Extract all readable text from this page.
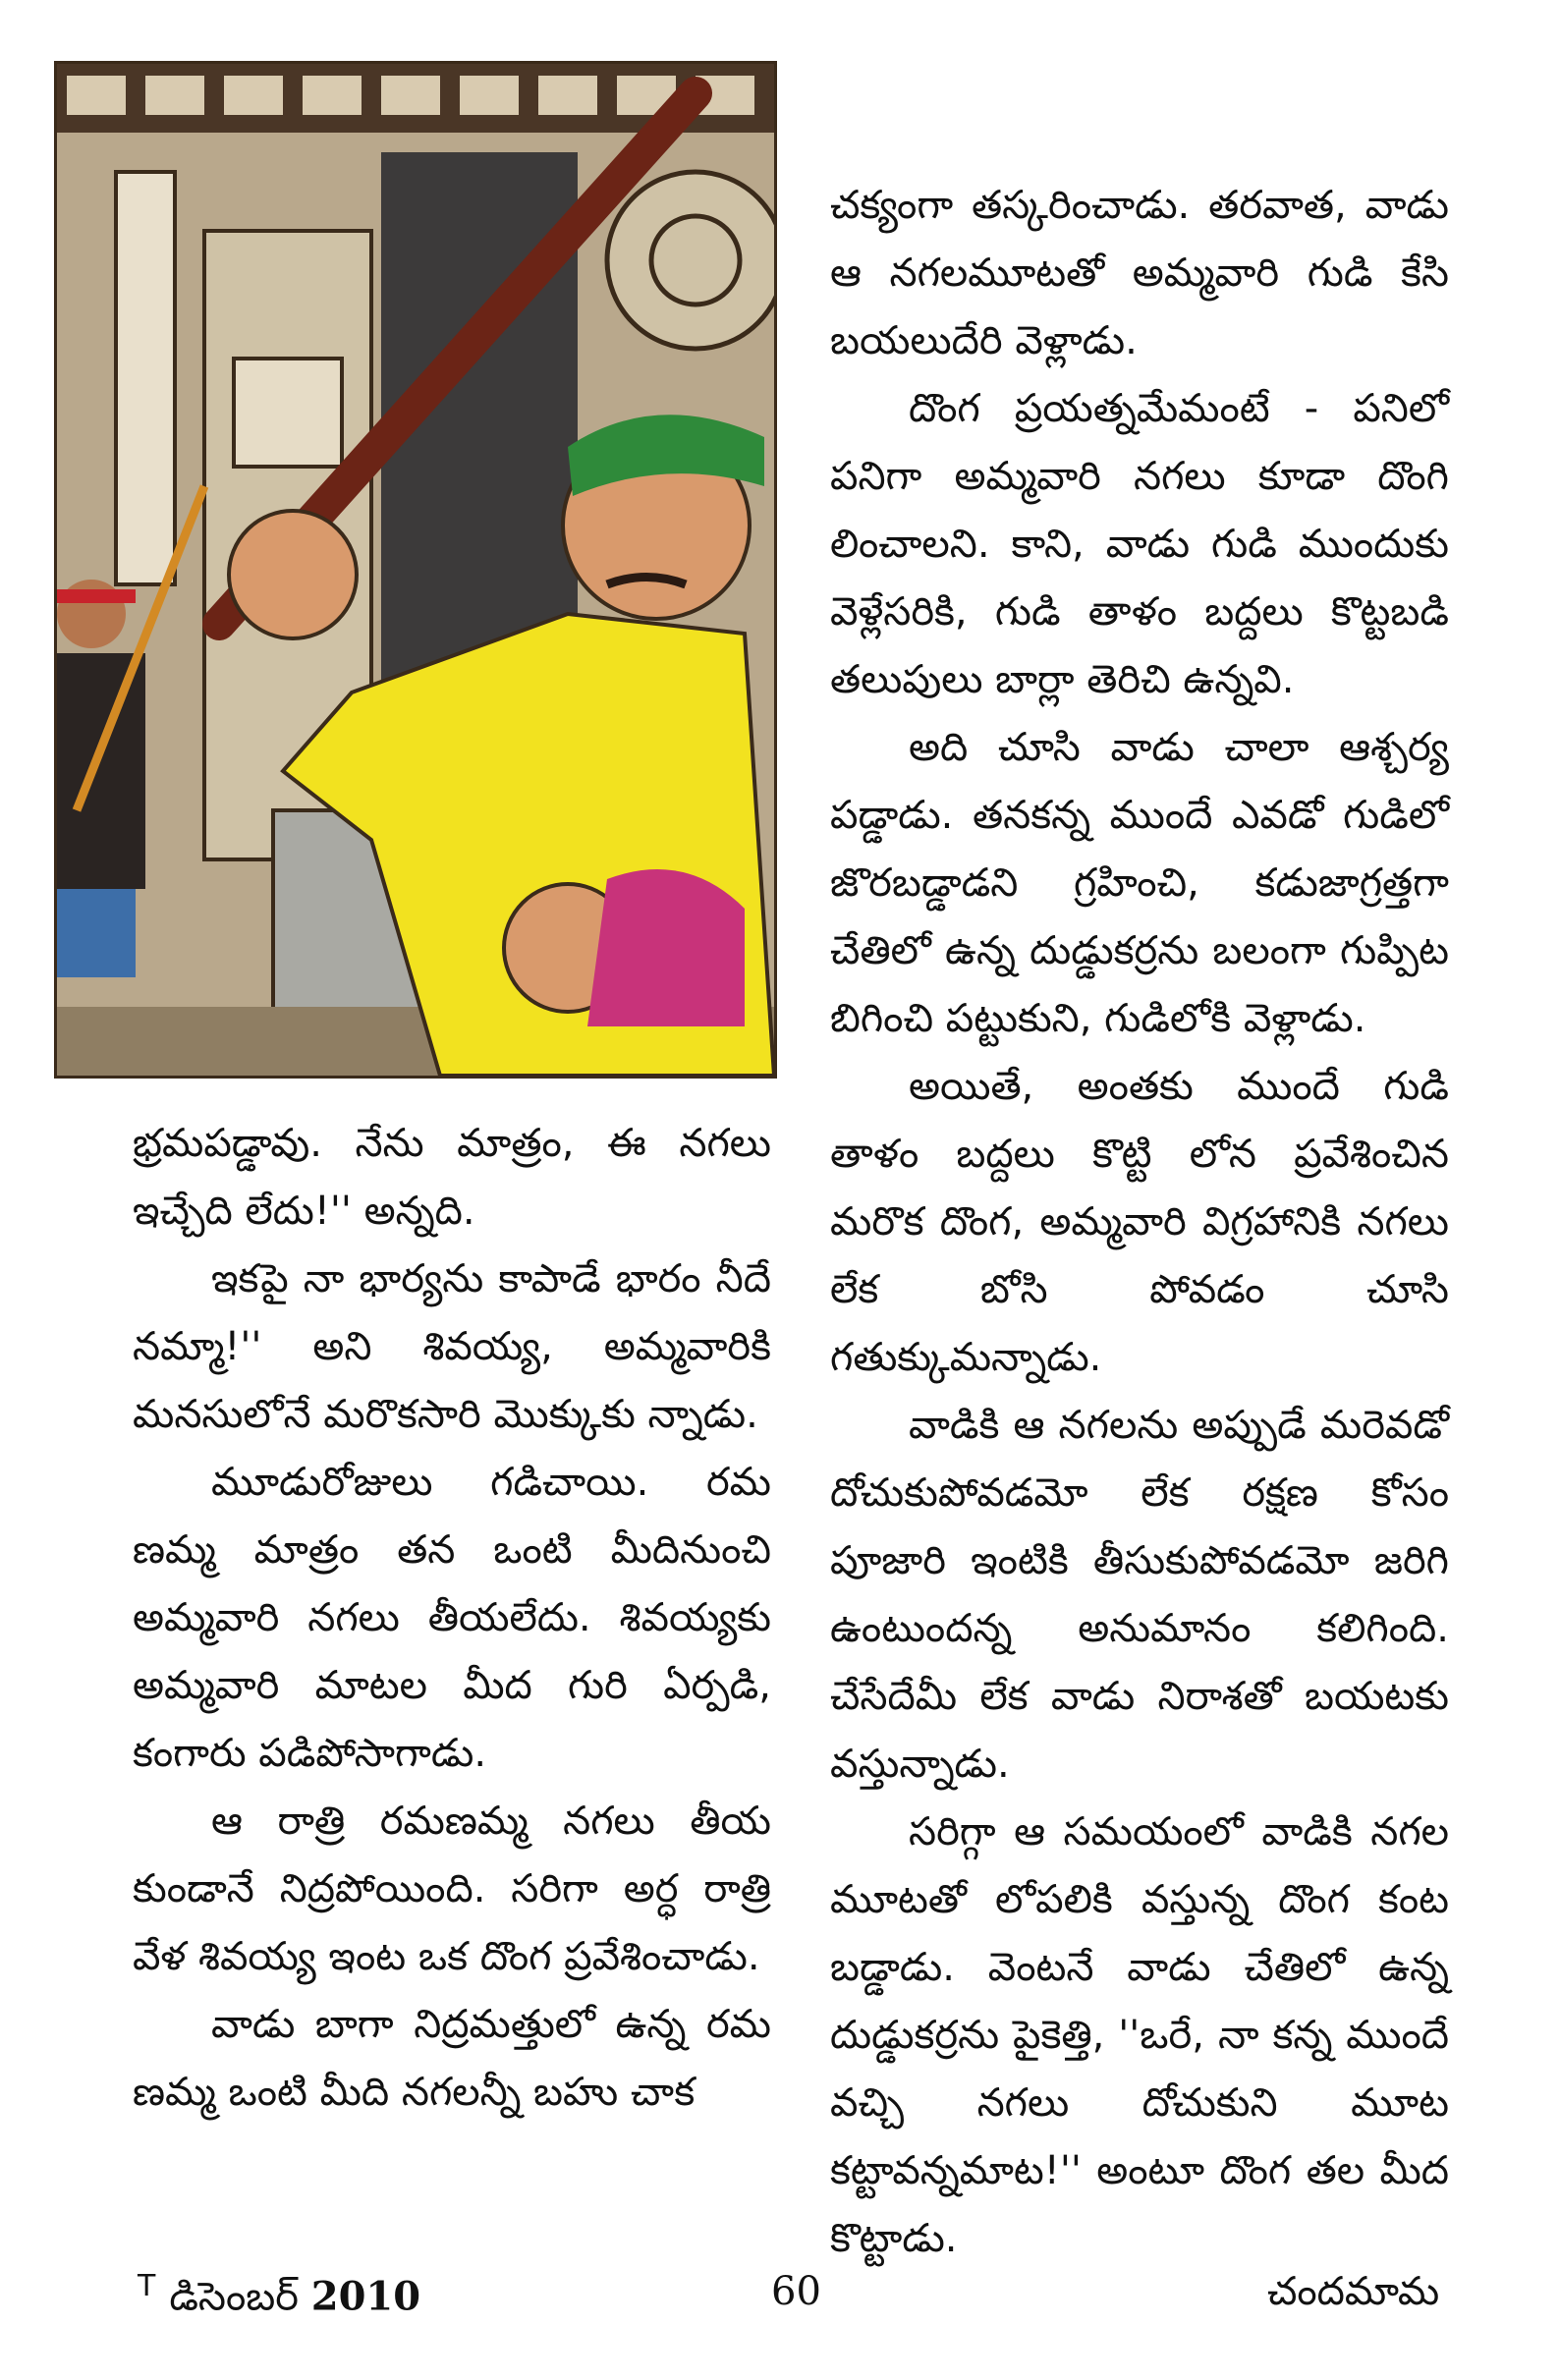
భ్రమపడ్డావు. నేను మాత్రం, ఈ నగలు ఇచ్చేది లేదు!'' అన్నది.

ఇకపై నా భార్యను కాపాడే భారం నీదే నమ్మా!'' అని శివయ్య, అమ్మవారికి మనసులోనే మరొకసారి మొక్కుకు న్నాడు.

మూడురోజులు గడిచాయి. రమ ణమ్మ మాత్రం తన ఒంటి మీదినుంచి అమ్మవారి నగలు తీయలేదు. శివయ్యకు అమ్మవారి మాటల మీద గురి ఏర్పడి, కంగారు పడిపోసాగాడు.

ఆ రాత్రి రమణమ్మ నగలు తీయ కుండానే నిద్రపోయింది. సరిగా అర్ధ రాత్రి వేళ శివయ్య ఇంట ఒక దొంగ ప్రవేశించాడు.

వాడు బాగా నిద్రమత్తులో ఉన్న రమ ణమ్మ ఒంటి మీది నగలన్నీ బహు చాక

చక్యంగా తస్కరించాడు. తరవాత, వాడు ఆ నగలమూటతో అమ్మవారి గుడి కేసి బయలుదేరి వెళ్లాడు.

దొంగ ప్రయత్నమేమంటే - పనిలో పనిగా అమ్మవారి నగలు కూడా దొంగి లించాలని. కాని, వాడు గుడి ముందుకు వెళ్లేసరికి, గుడి తాళం బద్దలు కొట్టబడి తలుపులు బార్లా తెరిచి ఉన్నవి.

అది చూసి వాడు చాలా ఆశ్చర్య పడ్డాడు. తనకన్న ముందే ఎవడో గుడిలో జొరబడ్డాడని గ్రహించి, కడుజాగ్రత్తగా చేతిలో ఉన్న దుడ్డుకర్రను బలంగా గుప్పిట బిగించి పట్టుకుని, గుడిలోకి వెళ్లాడు.

అయితే, అంతకు ముందే గుడి తాళం బద్దలు కొట్టి లోన ప్రవేశించిన మరొక దొంగ, అమ్మవారి విగ్రహానికి నగలు లేక బోసి పోవడం చూసి గతుక్కుమన్నాడు.

వాడికి ఆ నగలను అప్పుడే మరెవడో దోచుకుపోవడమో లేక రక్షణ కోసం పూజారి ఇంటికి తీసుకుపోవడమో జరిగి ఉంటుందన్న అనుమానం కలిగింది. చేసేదేమీ లేక వాడు నిరాశతో బయటకు వస్తున్నాడు.

సరిగ్గా ఆ సమయంలో వాడికి నగల మూటతో లోపలికి వస్తున్న దొంగ కంట బడ్డాడు. వెంటనే వాడు చేతిలో ఉన్న దుడ్డుకర్రను పైకెత్తి, ''ఒరే, నా కన్న ముందే వచ్చి నగలు దోచుకుని మూట కట్టావన్నమాట!'' అంటూ దొంగ తల మీద కొట్టాడు.

$^T$ డిసెంబర్ 2010	60	చందమామ
